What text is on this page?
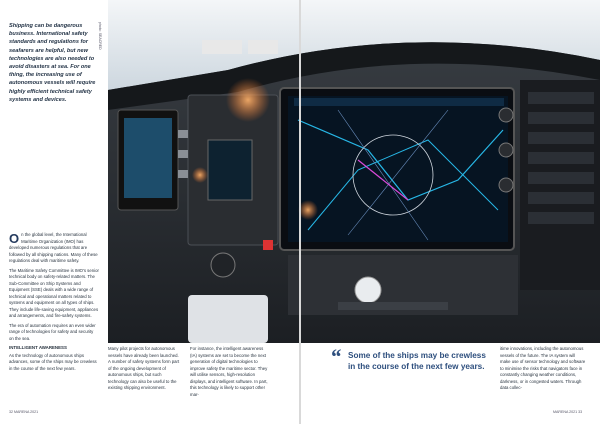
Shipping can be dangerous business. International safety standards and regulations for seafarers are helpful, but new technologies are also needed to avoid disasters at sea. For one thing, the increasing use of autonomous vessels will require highly efficient technical safety systems and devices.
photo: SEACRED

On the global level, the International Maritime Organization (IMO) has developed numerous regulations that are followed by all shipping nations. Many of these regulations deal with maritime safety.

The Maritime Safety Committee is IMO's senior technical body on safety-related matters. The Sub-Committee on Ship Systems and Equipment (SSE) deals with a wide range of technical and operational matters related to systems and equipment on all types of ships. They include life-saving equipment, appliances and arrangements, and fire-safety systems.

The era of automation requires an even wider range of technologies for safety and security on the sea.

INTELLIGENT AWARENESS

As the technology of autonomous ships advances, some of the ships may be crewless in the course of the next few years.

Many pilot projects for autonomous vessels have already been launched. A number of safety systems form part of the ongoing development of autonomous ships, but such technology can also be useful to the existing shipping environment.

For instance, the intelligent awareness (IA) systems are set to become the next generation of digital technologies to improve safety the maritime sector. They will utilise sensors, high-resolution displays, and intelligent software. In part, this technology is likely to support other mar-

“ Some of the ships may be crewless in the course of the next few years.

itime innovations, including the autonomous vessels of the future. The IA system will make use of sensor technology and software to minimise the risks that navigators face in constantly changing weather conditions, darkness, or in congested waters. Through data collec-

32 MARENA 2021	MARENA 2021 33
